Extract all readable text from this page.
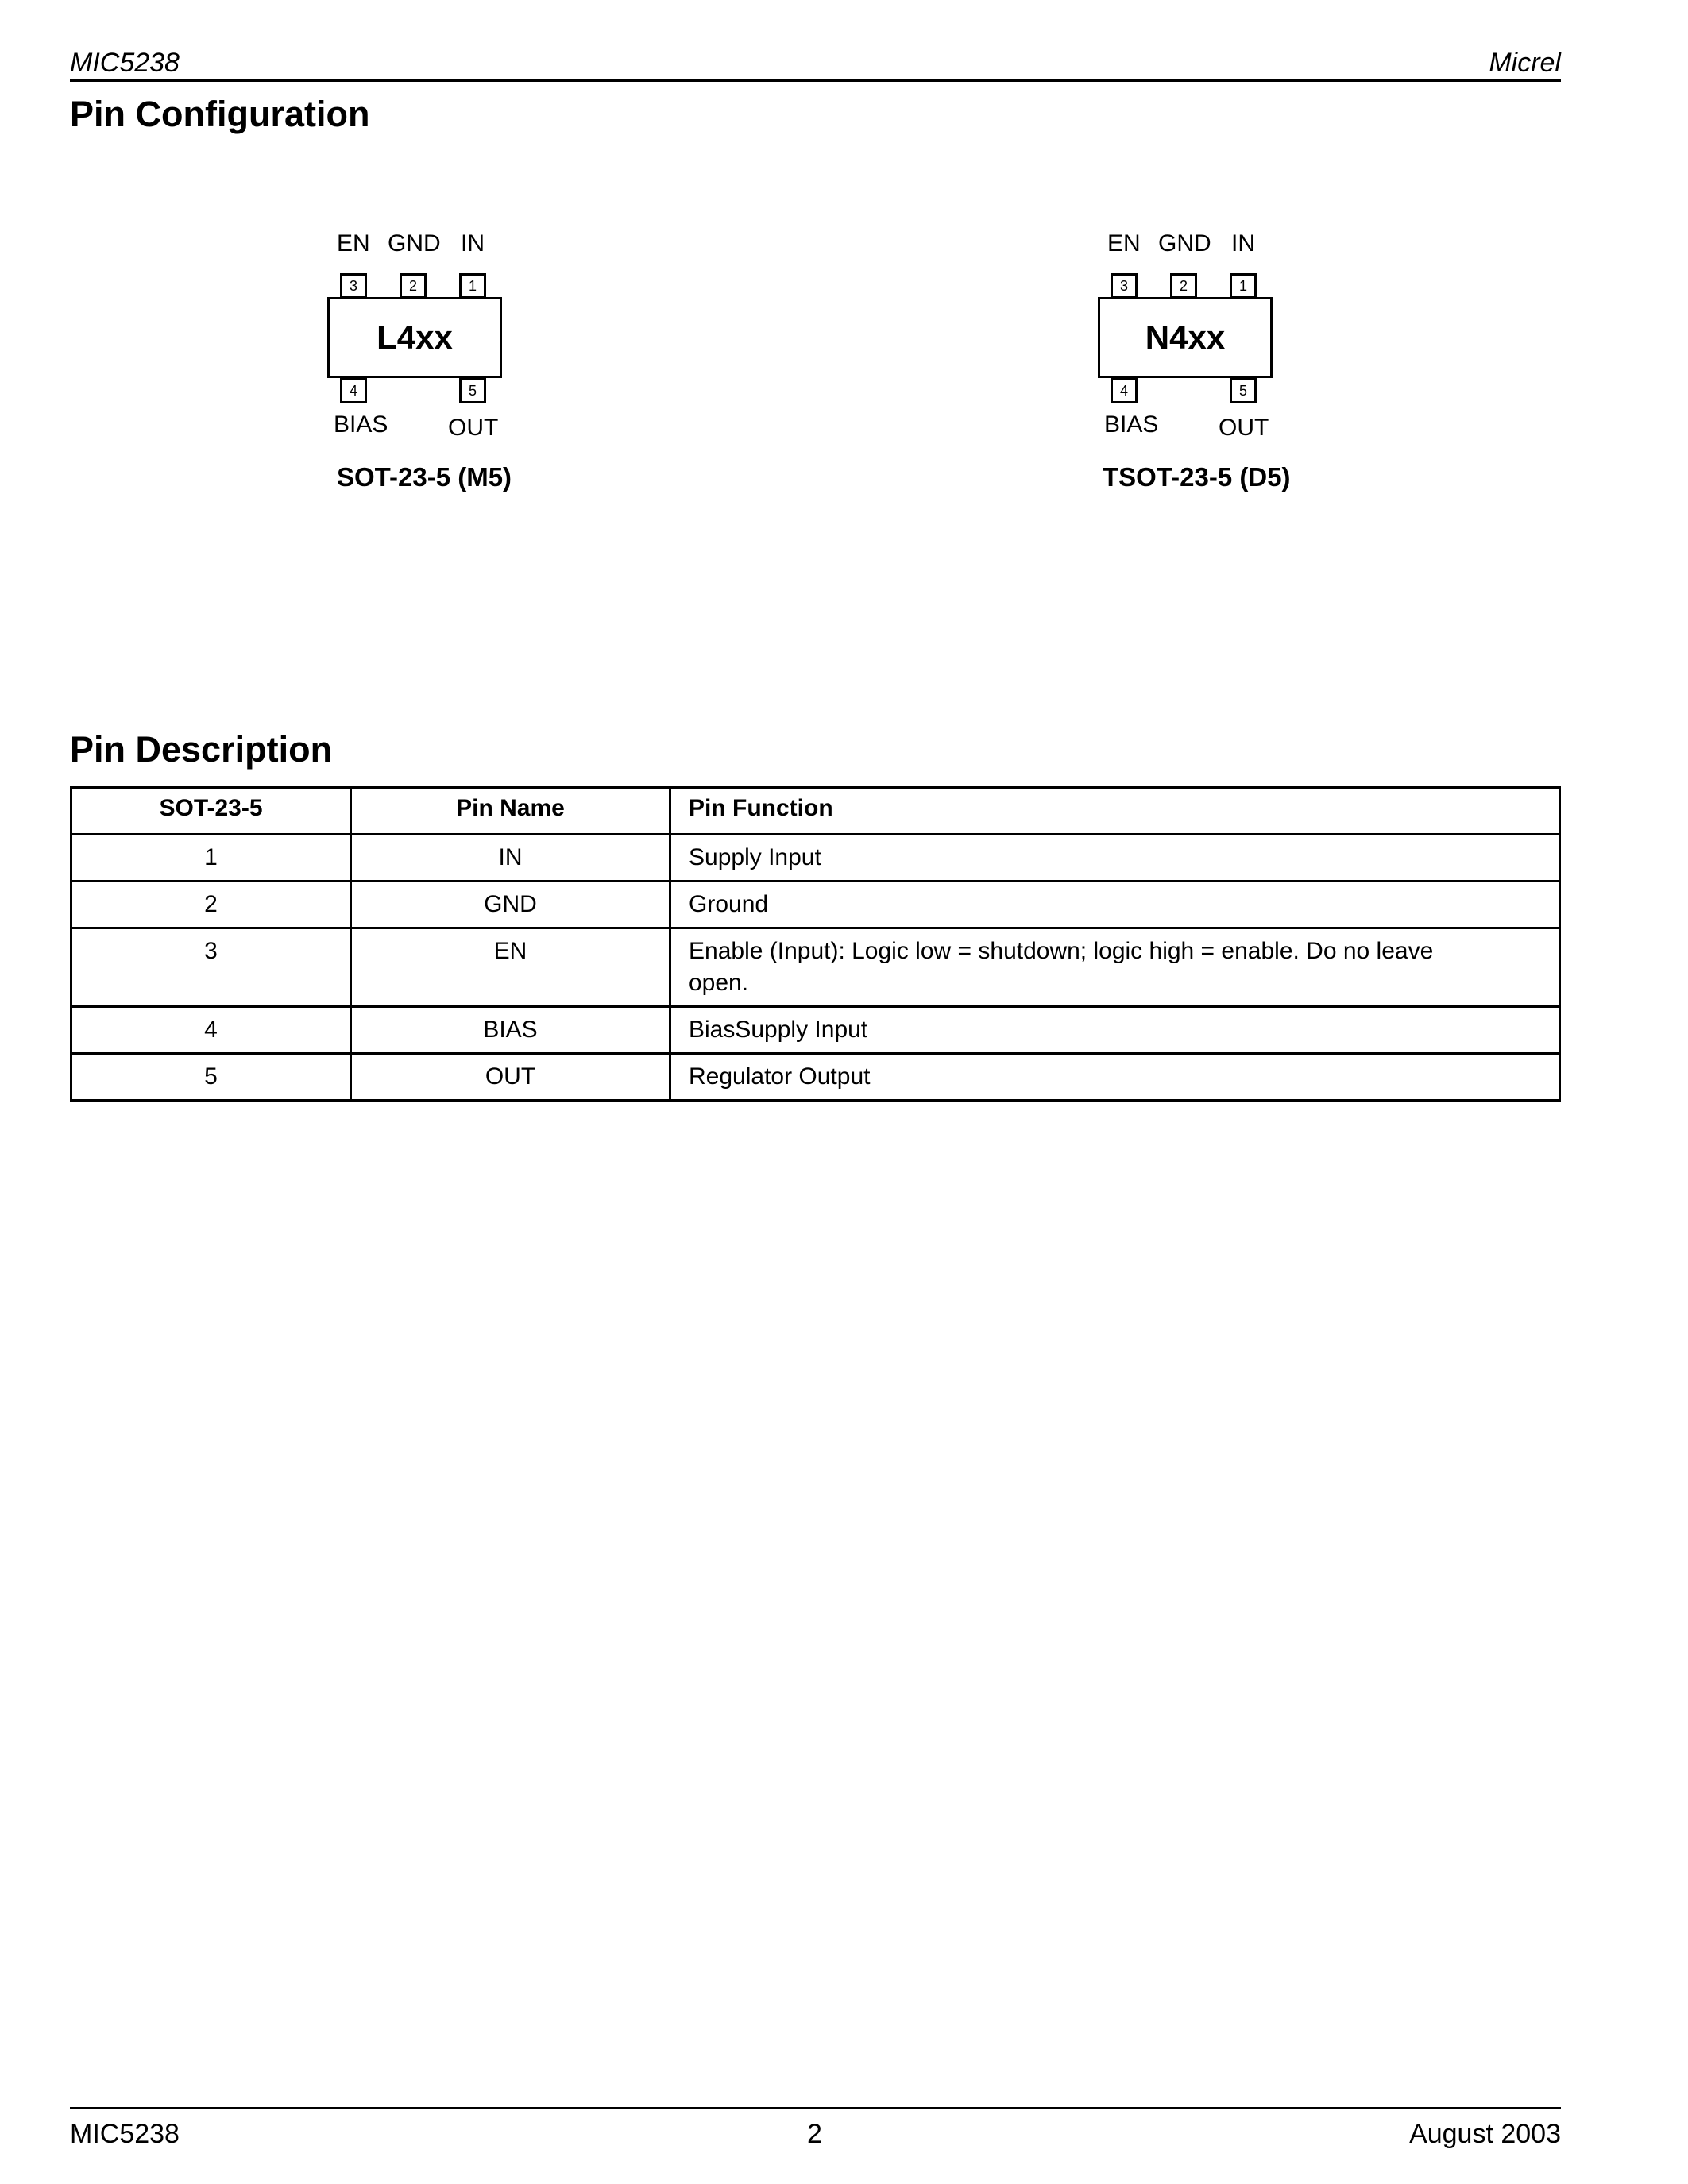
MIC5238	Micrel
Pin Configuration
EN GND IN
3	2	1
L4xx
4	5
BIAS	OUT
SOT-23-5 (M5)
EN GND IN
3	2	1
N4xx
4	5
BIAS	OUT
TSOT-23-5 (D5)
Pin Description
SOT-23-5	Pin Name	Pin Function
1	IN	Supply Input
2	GND	Ground
3	EN	Enable (Input): Logic low = shutdown; logic high = enable. Do no leave open.
4	BIAS	BiasSupply Input
5	OUT	Regulator Output
MIC5238	2	August 2003
